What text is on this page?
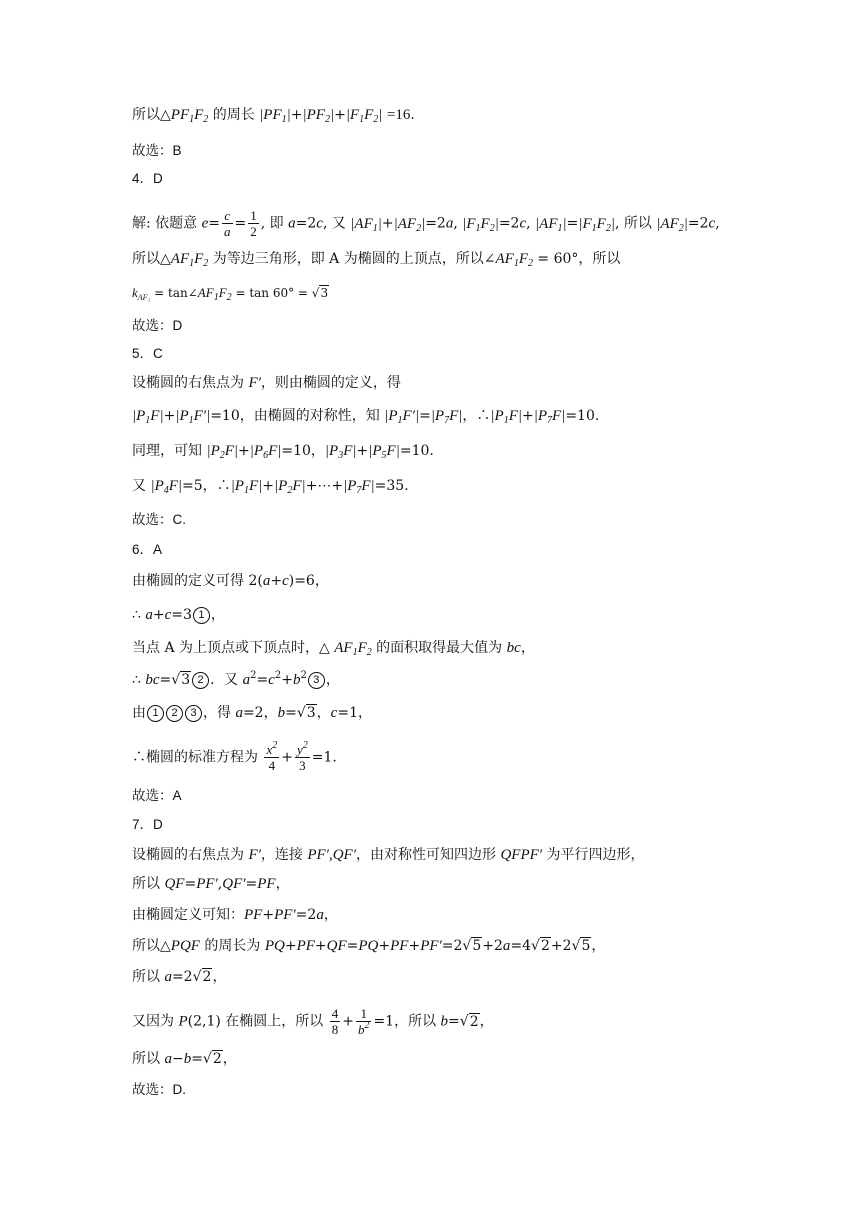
所以$\triangle PF_1F_2$ 的周长 $|PF_1|+|PF_2|+|F_1F_2| =16$.
故选：B
4．D
解: 依题意 $e= \frac{c}{a} = \frac{1}{2}$ , 即 a=2c, 又 $|AF_1|+|AF_2|=2a$, $|F_1F_2|=2c$, $|AF_1|=|F_1F_2|$, 所以 $|AF_2|=2c$,
所以$\triangle AF_1F_2$ 为等边三角形，即 A 为椭圆的上顶点，所以$\angle AF_1F_2 = 60^\circ$，所以
$k_{AF_1}$ = $\tan\angle AF_1F_2 = \tan 60^\circ = √3$
故选：D
5．C
设椭圆的右焦点为 F′，则由椭圆的定义，得
$|P_1F|+|P_1F'|=10$，由椭圆的对称性，知 $|P_1F'|=|P_7F|$，$\therefore|P_1F|+|P_7F|=10$.
同理，可知 $|P_2F|+|P_6F|=10$，$|P_3F|+|P_5F|=10$.
又 $|P_4F|=5$，$\therefore|P_1F|+|P_2F|+\cdots+|P_7F|=35$.
故选：C.
6．A
由椭圆的定义可得 2(a+c)=6，
∴ a+c=3 1 ，
当点 A 为上顶点或下顶点时，△ $AF_1F_2$ 的面积取得最大值为 bc，
∴ bc=√3 2 ．又 $a^2=c^2+b^2$ 3 ，
由 1 2 3 ，得 a=2，b=√3，c=1，
∴椭圆的标准方程为 $\frac{x^2}{4} + \frac{y^2}{3} =1$.
故选：A
7．D
设椭圆的右焦点为 F′，连接 PF′,QF′，由对称性可知四边形 QFPF′ 为平行四边形，
所以 QF=PF′,QF′=PF，
由椭圆定义可知：PF+PF′=2a，
所以△PQF 的周长为 PQ+PF+QF=PQ+PF+PF′=2√5+2a=4√2+2√5，
所以 a=2√2，
又因为 P(2,1) 在椭圆上，所以 $\frac{4}{8} + \frac{1}{b^2} =1$，所以 b=√2，
所以 a−b=√2，
故选：D.
